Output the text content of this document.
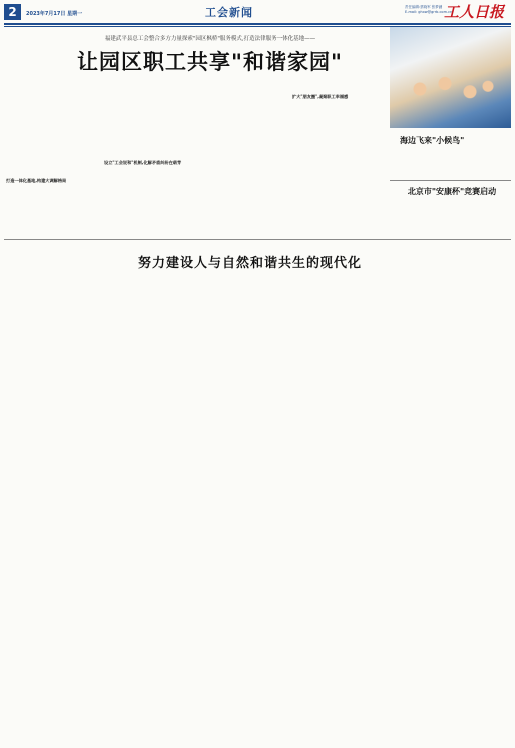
2	2023年7月17日 星期一	工会新闻	责任编辑:蔡晓军 张梦涵
E-mail: ghxw@grrb.com.cn
工人日报
福建武平县总工会整合多方力量探索"园区枫桥"服务模式,打造法律服务一体化基地——
让园区职工共享"和谐家园"
打造一体化基地,构建大调解格局
设立"工会说和"机制,化解矛盾纠纷在萌芽
扩大"朋友圈",凝聚职工幸福感
海边飞来"小候鸟"
北京市"安康杯"竞赛启动
努力建设人与自然和谐共生的现代化
